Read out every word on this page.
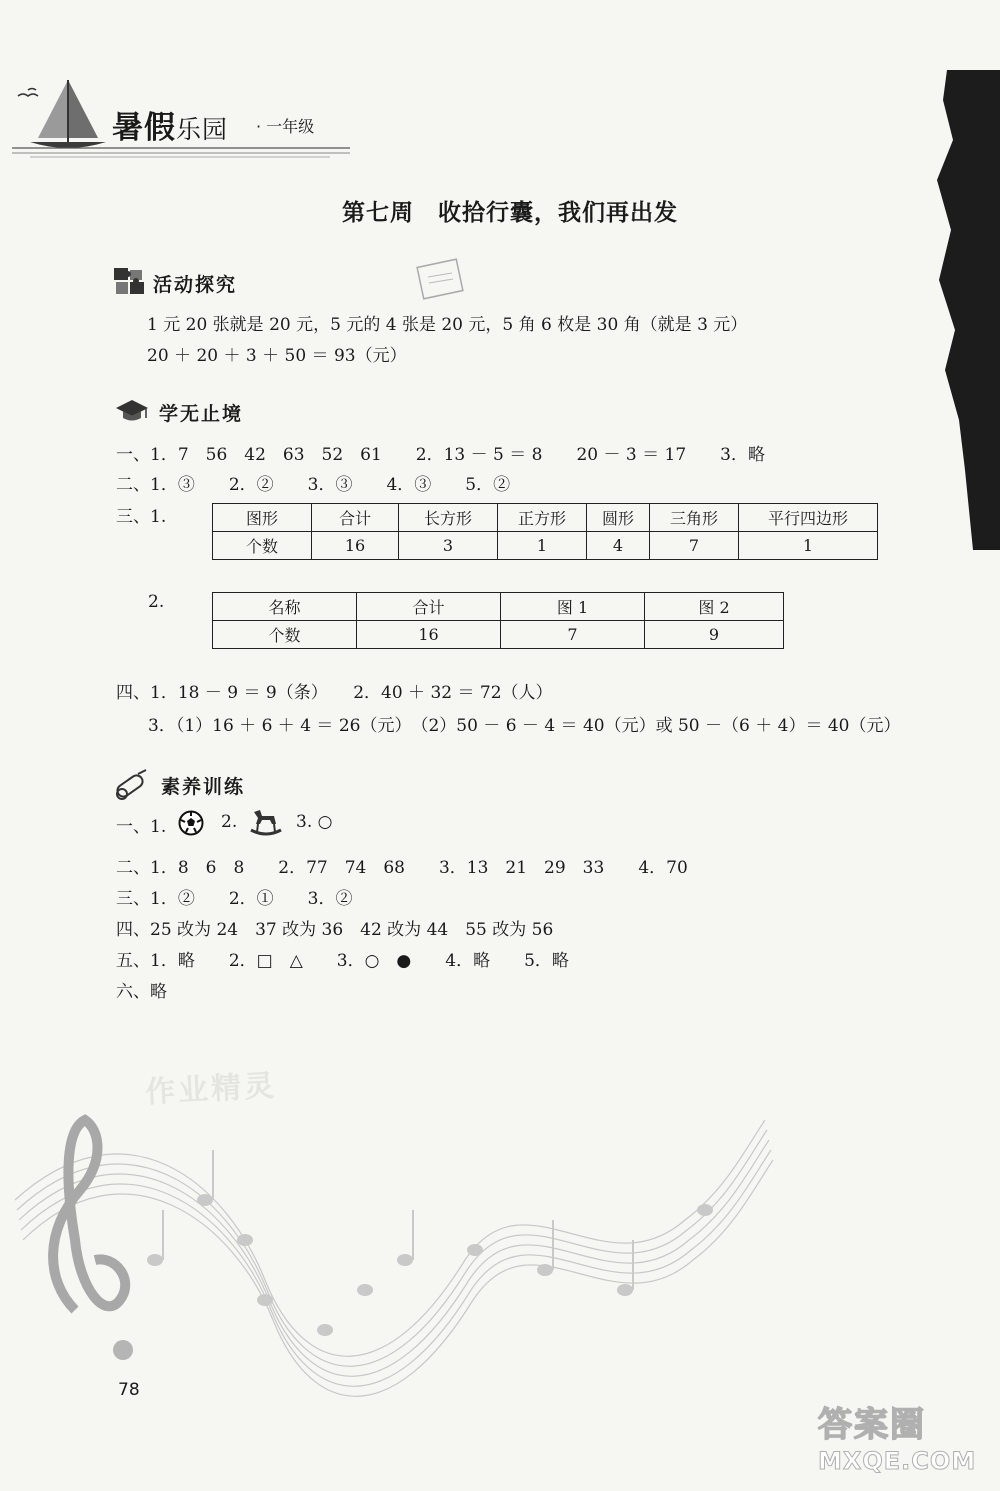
暑假乐园 · 一年级
第七周　收拾行囊，我们再出发
活动探究
1 元 20 张就是 20 元，5 元的 4 张是 20 元，5 角 6 枚是 30 角（就是 3 元）
20 ＋ 20 ＋ 3 ＋ 50 ＝ 93（元）
学无止境
一、1．7　56　42　63　52　61　　2．13 － 5 ＝ 8　　20 － 3 ＝ 17　　3．略
二、1．③　　2．②　　3．③　　4．③　　5．②
三、1.	图形	合计	长方形	正方形	圆形	三角形	平行四边形
个数	16	3	1	4	7	1
2.	名称	合计	图 1	图 2
个数	16	7	9
四、1．18 － 9 ＝ 9（条）　　2．40 ＋ 32 ＝ 72（人）
3．（1）16 ＋ 6 ＋ 4 ＝ 26（元）　（2）50 － 6 － 4 ＝ 40（元）或 50 －（6 ＋ 4）＝ 40（元）
素养训练
一、1.	2.	3. ○
二、1．8　6　8　　2．77　74　68　　3．13　21　29　33　　4．70
三、1．②　　2．①　　3．②
四、25 改为 24　37 改为 36　42 改为 44　55 改为 56
五、1．略　　2．□　△　　3．○　●　　4．略　　5．略
六、略
作业精灵
78
答案圈
MXQE.COM
